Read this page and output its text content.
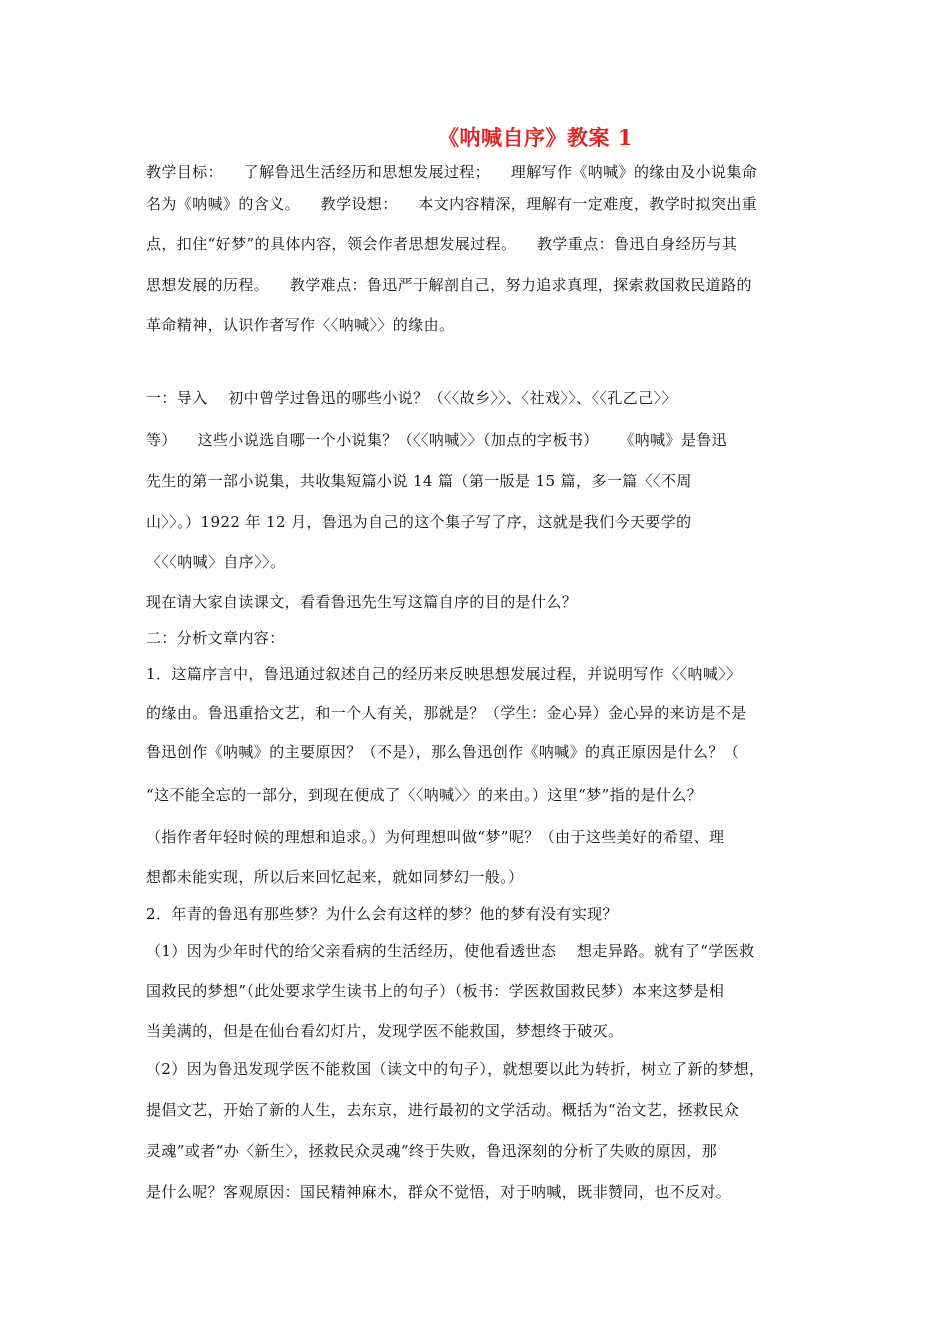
《呐喊自序》教案 1
教学目标：    了解鲁迅生活经历和思想发展过程；    理解写作《呐喊》的缘由及小说集命
名为《呐喊》的含义。    教学设想：    本文内容精深，理解有一定难度，教学时拟突出重
点，扣住“好梦”的具体内容，领会作者思想发展过程。    教学重点：鲁迅自身经历与其
思想发展的历程。    教学难点：鲁迅严于解剖自己，努力追求真理，探索救国救民道路的
革命精神，认识作者写作〈〈呐喊〉〉的缘由。
一：导入    初中曾学过鲁迅的哪些小说？（〈〈故乡〉〉、〈社戏〉〉、〈〈孔乙己〉〉
等）    这些小说选自哪一个小说集？（〈〈呐喊〉〉（加点的字板书）    《呐喊》是鲁迅
先生的第一部小说集，共收集短篇小说 14 篇（第一版是 15 篇，多一篇〈〈不周
山〉〉。）1922 年 12 月，鲁迅为自己的这个集子写了序，这就是我们今天要学的
〈〈〈呐喊〉自序〉〉。
现在请大家自读课文，看看鲁迅先生写这篇自序的目的是什么？
二：分析文章内容：
1．这篇序言中，鲁迅通过叙述自己的经历来反映思想发展过程，并说明写作〈〈呐喊〉〉
的缘由。鲁迅重拾文艺，和一个人有关，那就是？（学生：金心异）金心异的来访是不是
鲁迅创作《呐喊》的主要原因？（不是），那么鲁迅创作《呐喊》的真正原因是什么？（
“这不能全忘的一部分，到现在便成了〈〈呐喊〉〉的来由。）这里“梦”指的是什么？
（指作者年轻时候的理想和追求。）为何理想叫做“梦”呢？（由于这些美好的希望、理
想都未能实现，所以后来回忆起来，就如同梦幻一般。）
2．年青的鲁迅有那些梦？为什么会有这样的梦？他的梦有没有实现？
（1）因为少年时代的给父亲看病的生活经历，使他看透世态    想走异路。就有了“学医救
国救民的梦想”（此处要求学生读书上的句子）（板书：学医救国救民梦）本来这梦是相
当美满的，但是在仙台看幻灯片，发现学医不能救国，梦想终于破灭。
（2）因为鲁迅发现学医不能救国（读文中的句子），就想要以此为转折，树立了新的梦想，
提倡文艺，开始了新的人生，去东京，进行最初的文学活动。概括为“治文艺，拯救民众
灵魂”或者“办〈新生〉，拯救民众灵魂”终于失败，鲁迅深刻的分析了失败的原因，那
是什么呢？客观原因：国民精神麻木，群众不觉悟，对于呐喊，既非赞同，也不反对。
